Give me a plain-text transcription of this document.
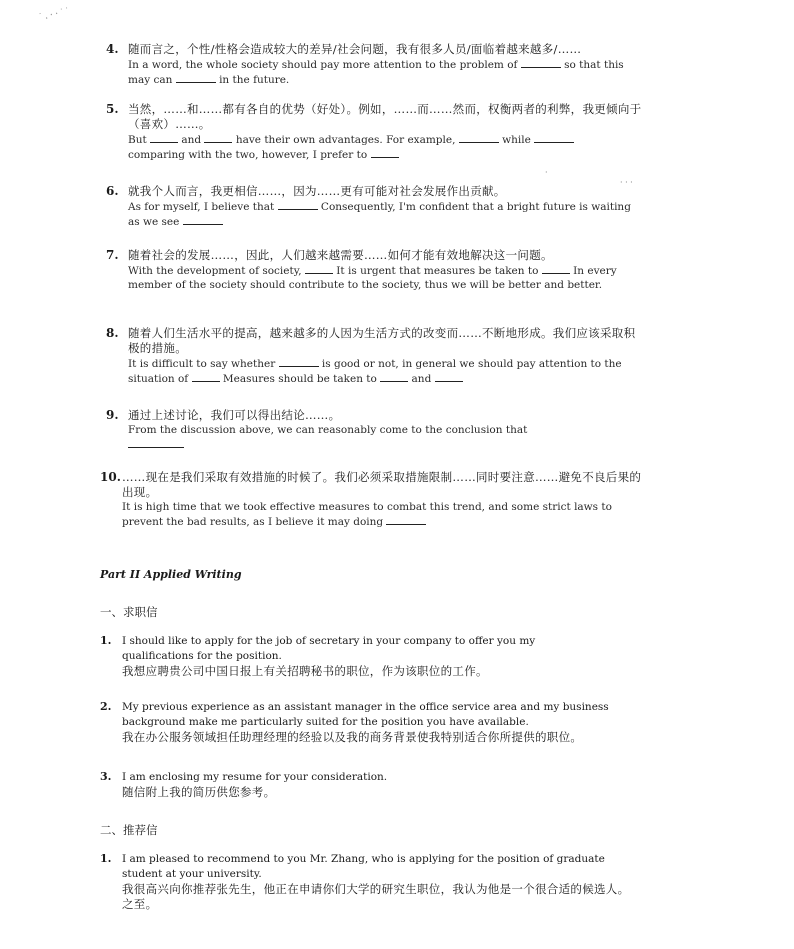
˙.··˙˙
4. 随而言之，个性/性格会造成较大的差异/社会问题，我有很多人员/面临着越来越多/……
In a word, the whole society should pay more attention to the problem of	so that this
may can	in the future.
5. 当然，……和……都有各自的优势（好处）。例如，……而……然而，权衡两者的利弊，我更倾向于（喜欢）……。
But	and	have their own advantages. For example,	while
comparing with the two, however, I prefer to
6. 就我个人而言，我更相信……，因为……更有可能对社会发展作出贡献。
As for myself, I believe that	Consequently, I'm confident that a bright future is waiting
as we see
7. 随着社会的发展……，因此，人们越来越需要……如何才能有效地解决这一问题。
With the development of society,	It is urgent that measures be taken to	In every
member of the society should contribute to the society, thus we will be better and better.
8. 随着人们生活水平的提高，越来越多的人因为生活方式的改变而……不断地形成。我们应该采取积极的措施。
It is difficult to say whether	is good or not, in general we should pay attention to the
situation of	Measures should be taken to	and
9. 通过上述讨论，我们可以得出结论……。
From the discussion above, we can reasonably come to the conclusion that
10. ……现在是我们采取有效措施的时候了。我们必须采取措施限制……同时要注意……避免不良后果的出现。
It is high time that we took effective measures to combat this trend, and some strict laws to
prevent the bad results, as I believe it may doing
Part II Applied Writing
一、求职信
1. I should like to apply for the job of secretary in your company to offer you my
qualifications for the position.
我想应聘贵公司中国日报上有关招聘秘书的职位，作为该职位的工作。
2. My previous experience as an assistant manager in the office service area and my business
background make me particularly suited for the position you have available.
我在办公服务领域担任助理经理的经验以及我的商务背景使我特别适合你所提供的职位。
3. I am enclosing my resume for your consideration.
随信附上我的简历供您参考。
二、推荐信
1. I am pleased to recommend to you Mr. Zhang, who is applying for the position of graduate
student at your university.
我很高兴向你推荐张先生，他正在申请你们大学的研究生职位，我认为他是一个很合适的候选人。
之至。
·
· · ·
